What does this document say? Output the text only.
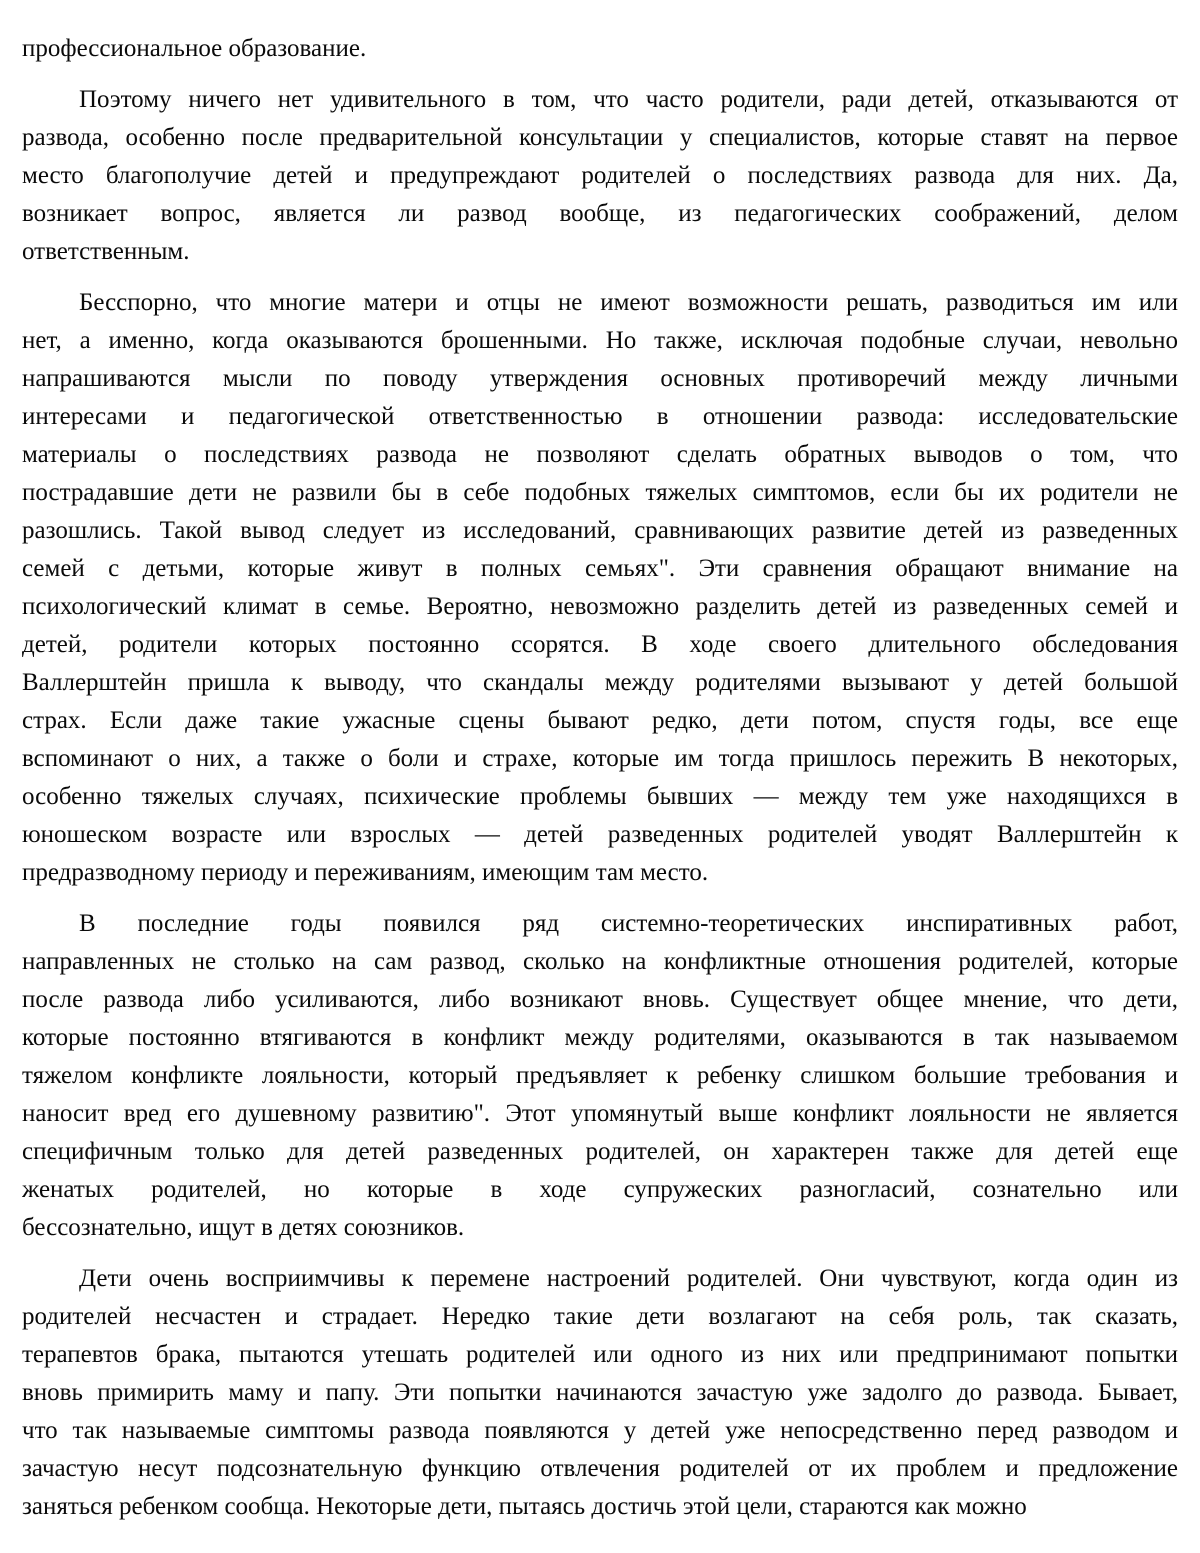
профессиональное образование.
Поэтому ничего нет удивительного в том, что часто родители, ради детей, отказываются от
развода, особенно после предварительной консультации у специалистов, которые ставят на первое
место благополучие детей и предупреждают родителей о последствиях развода для них. Да,
возникает вопрос, является ли развод вообще, из педагогических соображений, делом
ответственным.
Бесспорно, что многие матери и отцы не имеют возможности решать, разводиться им или
нет, а именно, когда оказываются брошенными. Но также, исключая подобные случаи, невольно
напрашиваются мысли по поводу утверждения основных противоречий между личными
интересами и педагогической ответственностью в отношении развода: исследовательские
материалы о последствиях развода не позволяют сделать обратных выводов о том, что
пострадавшие дети не развили бы в себе подобных тяжелых симптомов, если бы их родители не
разошлись. Такой вывод следует из исследований, сравнивающих развитие детей из разведенных
семей с детьми, которые живут в полных семьях". Эти сравнения обращают внимание на
психологический климат в семье. Вероятно, невозможно разделить детей из разведенных семей и
детей, родители которых постоянно ссорятся. В ходе своего длительного обследования
Валлерштейн пришла к выводу, что скандалы между родителями вызывают у детей большой
страх. Если даже такие ужасные сцены бывают редко, дети потом, спустя годы, все еще
вспоминают о них, а также о боли и страхе, которые им тогда пришлось пережить В некоторых,
особенно тяжелых случаях, психические проблемы бывших — между тем уже находящихся в
юношеском возрасте или взрослых — детей разведенных родителей уводят Валлерштейн к
предразводному периоду и переживаниям, имеющим там место.
В последние годы появился ряд системно-теоретических инспиративных работ,
направленных не столько на сам развод, сколько на конфликтные отношения родителей, которые
после развода либо усиливаются, либо возникают вновь. Существует общее мнение, что дети,
которые постоянно втягиваются в конфликт между родителями, оказываются в так называемом
тяжелом конфликте лояльности, который предъявляет к ребенку слишком большие требования и
наносит вред его душевному развитию". Этот упомянутый выше конфликт лояльности не является
специфичным только для детей разведенных родителей, он характерен также для детей еще
женатых родителей, но которые в ходе супружеских разногласий, сознательно или
бессознательно, ищут в детях союзников.
Дети очень восприимчивы к перемене настроений родителей. Они чувствуют, когда один из
родителей несчастен и страдает. Нередко такие дети возлагают на себя роль, так сказать,
терапевтов брака, пытаются утешать родителей или одного из них или предпринимают попытки
вновь примирить маму и папу. Эти попытки начинаются зачастую уже задолго до развода. Бывает,
что так называемые симптомы развода появляются у детей уже непосредственно перед разводом и
зачастую несут подсознательную функцию отвлечения родителей от их проблем и предложение
заняться ребенком сообща. Некоторые дети, пытаясь достичь этой цели, стараются как можно
